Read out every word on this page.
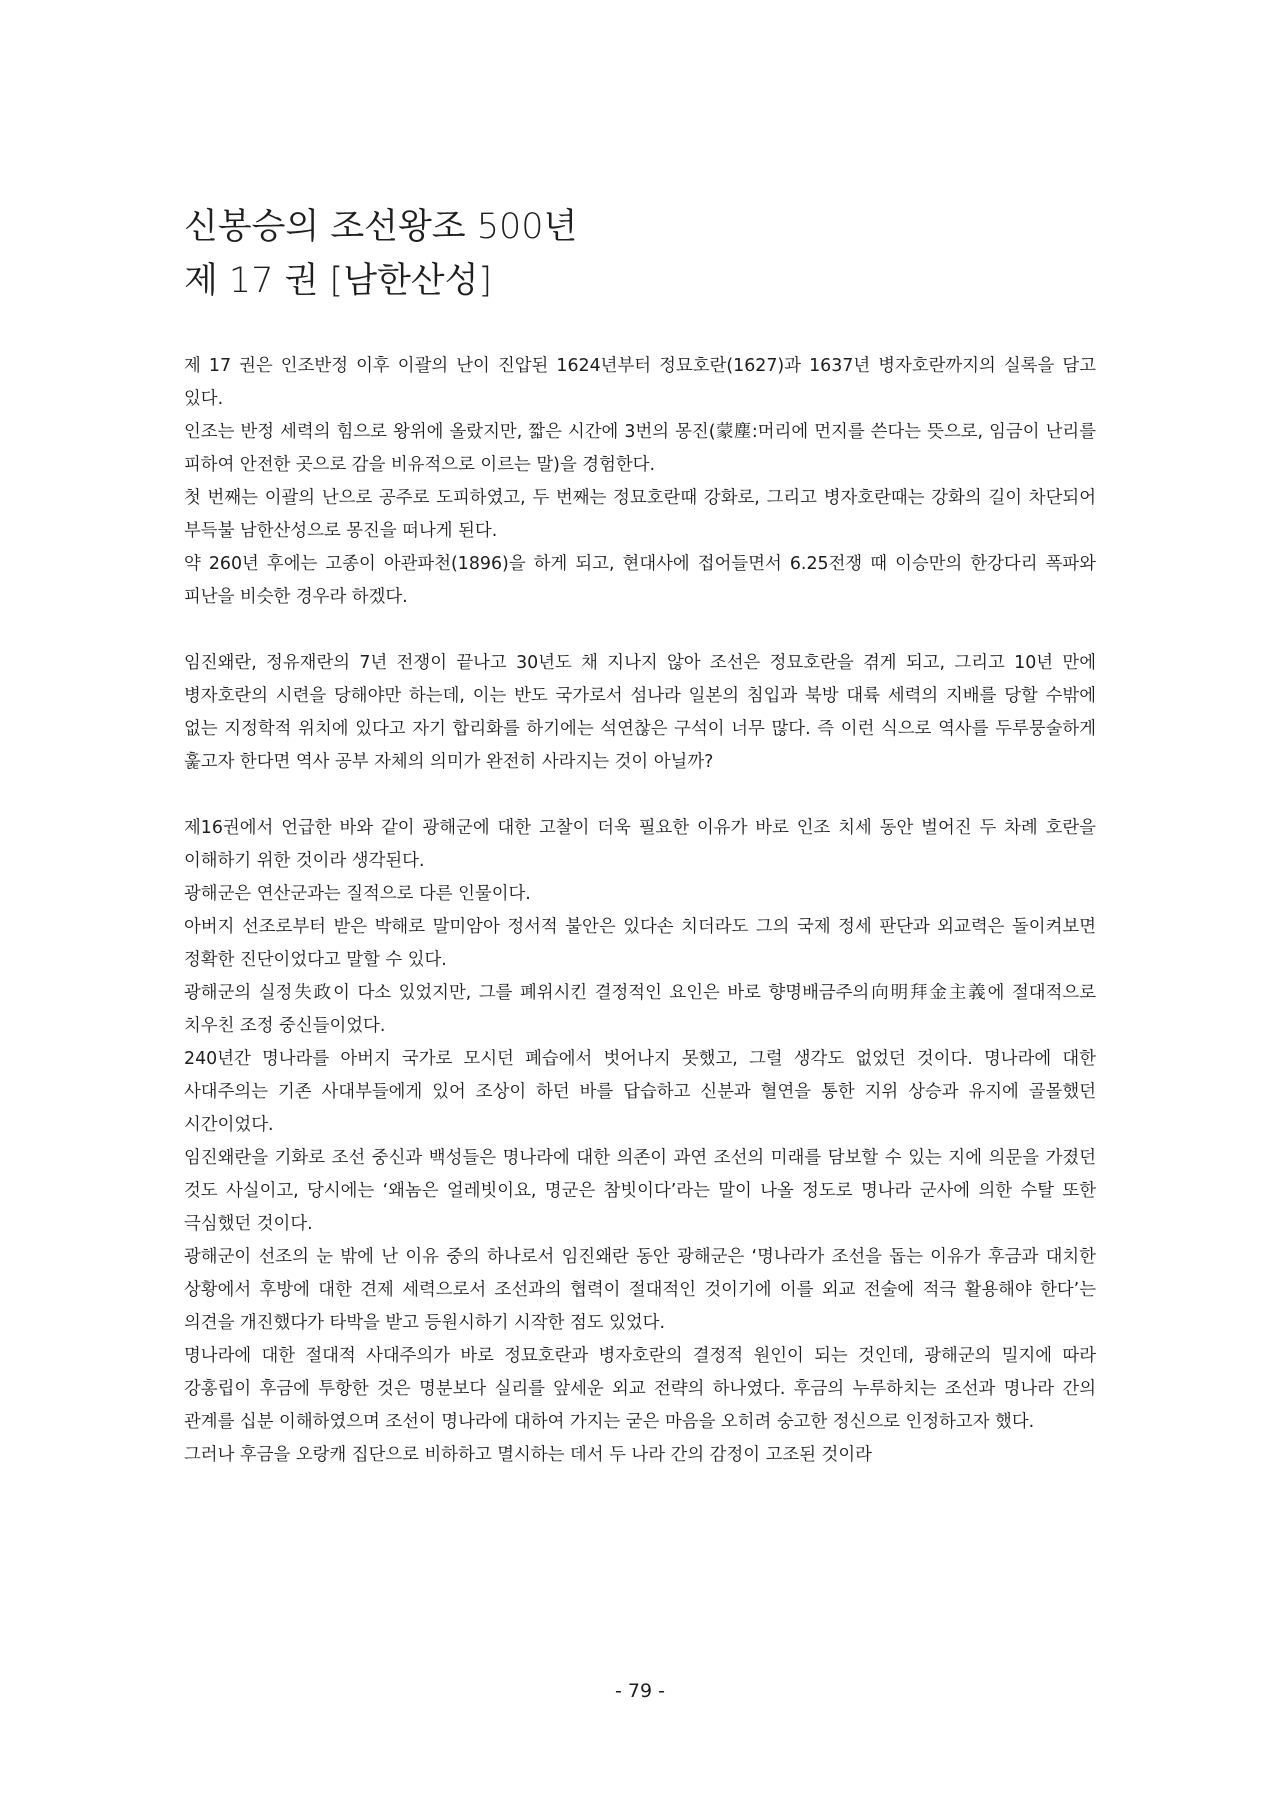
신봉승의 조선왕조 500년
제 17 권 [남한산성]

제 17 권은 인조반정 이후 이괄의 난이 진압된 1624년부터 정묘호란(1627)과 1637년 병자호란까지의 실록을 담고 있다.

인조는 반정 세력의 힘으로 왕위에 올랐지만, 짧은 시간에 3번의 몽진(蒙塵:머리에 먼지를 쓴다는 뜻으로, 임금이 난리를 피하여 안전한 곳으로 감을 비유적으로 이르는 말)을 경험한다.

첫 번째는 이괄의 난으로 공주로 도피하였고, 두 번째는 정묘호란때 강화로, 그리고 병자호란때는 강화의 길이 차단되어 부득불 남한산성으로 몽진을 떠나게 된다.

약 260년 후에는 고종이 아관파천(1896)을 하게 되고, 현대사에 접어들면서 6.25전쟁 때 이승만의 한강다리 폭파와 피난을 비슷한 경우라 하겠다.

임진왜란, 정유재란의 7년 전쟁이 끝나고 30년도 채 지나지 않아 조선은 정묘호란을 겪게 되고, 그리고 10년 만에 병자호란의 시련을 당해야만 하는데, 이는 반도 국가로서 섬나라 일본의 침입과 북방 대륙 세력의 지배를 당할 수밖에 없는 지정학적 위치에 있다고 자기 합리화를 하기에는 석연찮은 구석이 너무 많다. 즉 이런 식으로 역사를 두루뭉술하게 훑고자 한다면 역사 공부 자체의 의미가 완전히 사라지는 것이 아닐까?

제16권에서 언급한 바와 같이 광해군에 대한 고찰이 더욱 필요한 이유가 바로 인조 치세 동안 벌어진 두 차례 호란을 이해하기 위한 것이라 생각된다.

광해군은 연산군과는 질적으로 다른 인물이다.

아버지 선조로부터 받은 박해로 말미암아 정서적 불안은 있다손 치더라도 그의 국제 정세 판단과 외교력은 돌이켜보면 정확한 진단이었다고 말할 수 있다.

광해군의 실정失政이 다소 있었지만, 그를 폐위시킨 결정적인 요인은 바로 향명배금주의向明拜金主義에 절대적으로 치우친 조정 중신들이었다.

240년간 명나라를 아버지 국가로 모시던 폐습에서 벗어나지 못했고, 그럴 생각도 없었던 것이다. 명나라에 대한 사대주의는 기존 사대부들에게 있어 조상이 하던 바를 답습하고 신분과 혈연을 통한 지위 상승과 유지에 골몰했던 시간이었다.

임진왜란을 기화로 조선 중신과 백성들은 명나라에 대한 의존이 과연 조선의 미래를 담보할 수 있는 지에 의문을 가졌던 것도 사실이고, 당시에는 ‘왜놈은 얼레빗이요, 명군은 참빗이다’라는 말이 나올 정도로 명나라 군사에 의한 수탈 또한 극심했던 것이다.

광해군이 선조의 눈 밖에 난 이유 중의 하나로서 임진왜란 동안 광해군은 ‘명나라가 조선을 돕는 이유가 후금과 대치한 상황에서 후방에 대한 견제 세력으로서 조선과의 협력이 절대적인 것이기에 이를 외교 전술에 적극 활용해야 한다’는 의견을 개진했다가 타박을 받고 등원시하기 시작한 점도 있었다.

명나라에 대한 절대적 사대주의가 바로 정묘호란과 병자호란의 결정적 원인이 되는 것인데, 광해군의 밀지에 따라 강홍립이 후금에 투항한 것은 명분보다 실리를 앞세운 외교 전략의 하나였다. 후금의 누루하치는 조선과 명나라 간의 관계를 십분 이해하였으며 조선이 명나라에 대하여 가지는 굳은 마음을 오히려 숭고한 정신으로 인정하고자 했다.

그러나 후금을 오랑캐 집단으로 비하하고 멸시하는 데서 두 나라 간의 감정이 고조된 것이라

- 79 -
